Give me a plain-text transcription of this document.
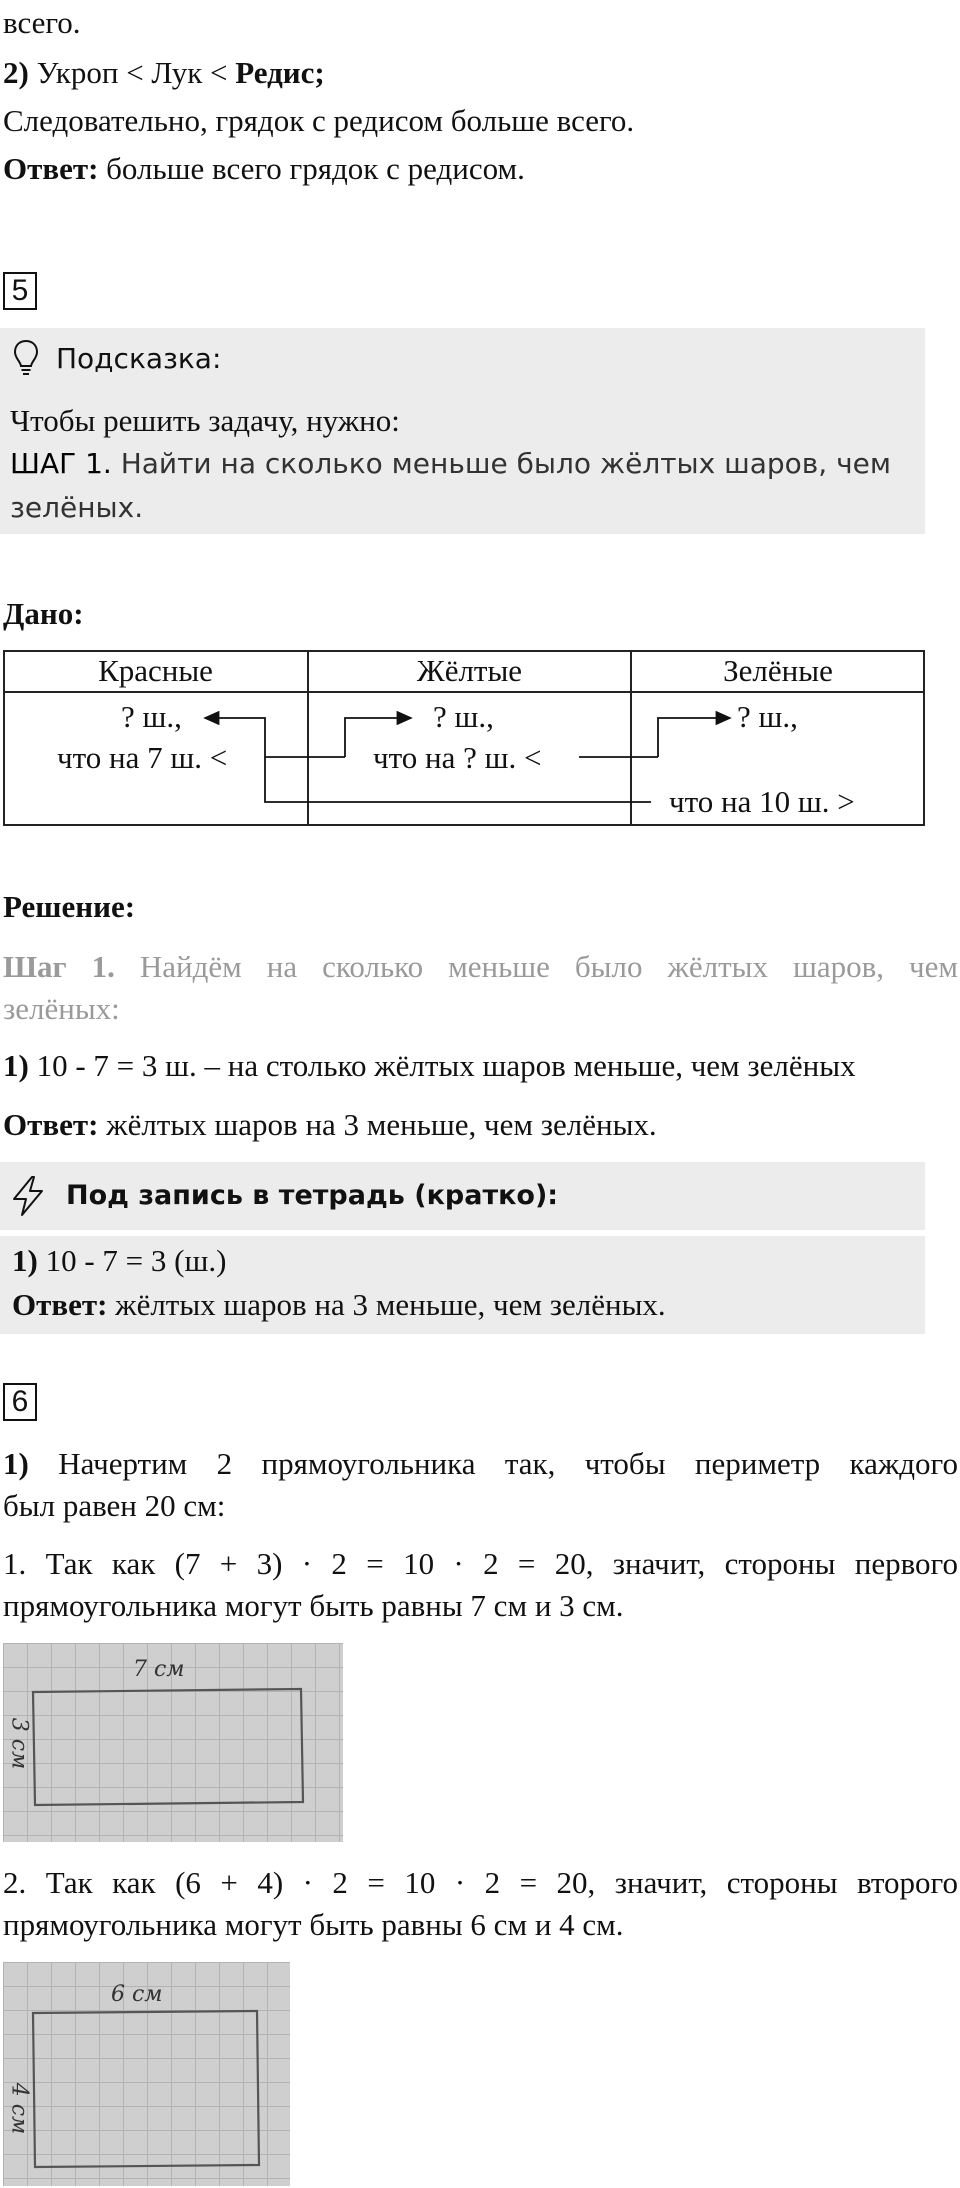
всего.
2) Укроп < Лук < Редис;
Следовательно, грядок с редисом больше всего.
Ответ: больше всего грядок с редисом.
5
Подсказка:
Чтобы решить задачу, нужно:
ШАГ 1. Найти на сколько меньше было жёлтых шаров, чем
зелёных.
Дано:
Красные	Жёлтые	Зелёные
? ш.,
что на 7 ш. <
? ш.,
что на ? ш. <
? ш.,
что на 10 ш. >
Решение:
Шаг 1. Найдём на сколько меньше было жёлтых шаров, чем
зелёных:
1) 10 - 7 = 3 ш. – на столько жёлтых шаров меньше, чем зелёных
Ответ: жёлтых шаров на 3 меньше, чем зелёных.
Под запись в тетрадь (кратко):
1) 10 - 7 = 3 (ш.)
Ответ: жёлтых шаров на 3 меньше, чем зелёных.
6
1) Начертим 2 прямоугольника так, чтобы периметр каждого
был равен 20 см:
1. Так как (7 + 3) · 2 = 10 · 2 = 20, значит, стороны первого
прямоугольника могут быть равны 7 см и 3 см.
7 см
3 см
2. Так как (6 + 4) · 2 = 10 · 2 = 20, значит, стороны второго
прямоугольника могут быть равны 6 см и 4 см.
6 см
4 см
